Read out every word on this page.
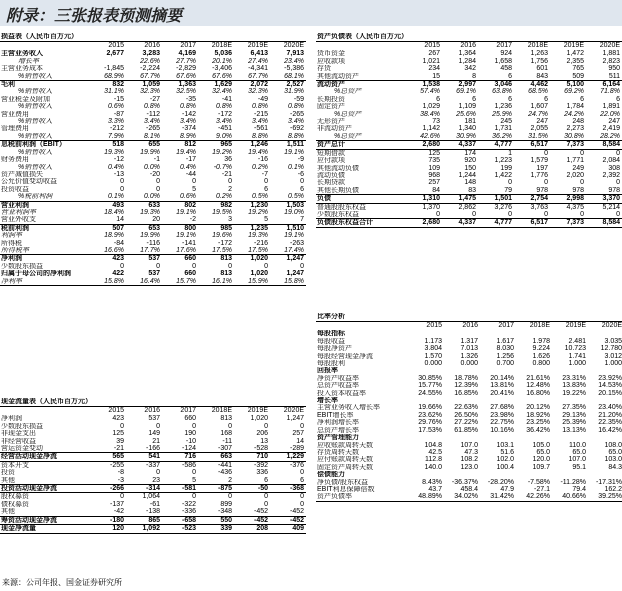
附录：三张报表预测摘要
损益表（人民币百万元）						
	2015	2016	2017	2018E	2019E	2020E
主营业务收入	2,677	3,283	4,169	5,036	6,413	7,913
增长率		22.6%	27.7%	20.1%	27.4%	23.4%
主营业务成本	-1,845	-2,224	-2,829	-3,406	-4,341	-5,386
%销售收入	68.9%	67.7%	67.6%	67.6%	67.7%	68.1%
毛利	832	1,059	1,363	1,629	2,072	2,527
%销售收入	31.1%	32.3%	32.5%	32.4%	32.3%	31.9%
营业税金及附加	-15	-27	-35	-41	-49	-59
%销售收入	0.6%	0.8%	0.8%	0.8%	0.8%	0.8%
营业费用	-87	-112	-142	-172	-215	-265
%销售收入	3.3%	3.4%	3.4%	3.4%	3.4%	3.4%
管理费用	-212	-265	-374	-451	-561	-692
%销售收入	7.9%	8.1%	8.9%	9.0%	8.8%	8.8%
息税前利润（EBIT）	518	655	812	965	1,246	1,511
%销售收入	19.3%	19.9%	19.4%	19.2%	19.4%	19.1%
财务费用	-12	-1	-17	36	-16	-9
%销售收入	0.4%	0.0%	0.4%	-0.7%	0.2%	0.1%
资产减值损失	-13	-20	-44	-21	-7	-6
公允价值变动收益	0	0	0	0	0	0
投资收益	0	0	5	2	6	6
%税前利润	0.1%	0.0%	0.6%	0.2%	0.5%	0.5%
营业利润	493	633	802	982	1,230	1,503
营业利润率	18.4%	19.3%	19.1%	19.5%	19.2%	19.0%
营业外收支	14	20	-2	3	5	7
税前利润	507	653	800	985	1,235	1,510
利润率	18.9%	19.9%	19.1%	19.6%	19.3%	19.1%
所得税	-84	-116	-141	-172	-216	-263
所得税率	16.6%	17.7%	17.6%	17.5%	17.5%	17.4%
净利润	423	537	660	813	1,020	1,247
少数股东损益	0	0	0	0	0	0
归属于母公司的净利润	422	537	660	813	1,020	1,247
净利率	15.8%	16.4%	15.7%	16.1%	15.9%	15.8%
资产负债表（人民币百万元）						
	2015	2016	2017	2018E	2019E	2020E
货币资金	267	1,364	924	1,263	1,472	1,881
应收款项	1,021	1,284	1,658	1,756	2,355	2,823
存货	234	342	458	601	765	950
其他流动资产	15	8	6	843	509	511
流动资产	1,538	2,997	3,046	4,462	5,100	6,164
%总资产	57.4%	69.1%	63.8%	68.5%	69.2%	71.8%
长期投资	6	6	6	6	6	6
固定资产	1,029	1,109	1,236	1,607	1,784	1,891
%总资产	38.4%	25.6%	25.9%	24.7%	24.2%	22.0%
无形资产	73	181	245	247	248	247
非流动资产	1,142	1,340	1,731	2,055	2,273	2,419
%总资产	42.6%	30.9%	36.2%	31.5%	30.8%	28.2%
资产总计	2,680	4,337	4,777	6,517	7,373	8,584
短期借款	125	174	1	0	0	0
应付款项	735	920	1,223	1,579	1,771	2,084
其他流动负债	109	150	199	197	249	308
流动负债	968	1,244	1,422	1,776	2,020	2,392
长期贷款	257	148	0	0	0	0
其他长期负债	84	83	79	978	978	978
负债	1,310	1,475	1,501	2,754	2,998	3,370
普通股股东权益	1,370	2,862	3,276	3,763	4,375	5,214
少数股东权益	0	0	0	0	0	0
负债股东权益合计	2,680	4,337	4,777	6,517	7,373	8,584
比率分析						
	2015	2016	2017	2018E	2019E	2020E
每股指标						
每股收益	1.173	1.317	1.617	1.978	2.481	3.035
每股净资产	3.804	7.013	8.030	9.224	10.723	12.780
每股经营现金净流	1.570	1.326	1.256	1.626	1.741	3.012
每股股利	0.000	0.000	0.700	0.800	1.000	1.000
回报率						
净资产收益率	30.85%	18.78%	20.14%	21.61%	23.31%	23.92%
总资产收益率	15.77%	12.39%	13.81%	12.48%	13.83%	14.53%
投入资本收益率	24.55%	16.85%	20.41%	16.80%	19.22%	20.15%
增长率						
主营业务收入增长率	19.66%	22.63%	27.68%	20.12%	27.35%	23.40%
EBIT增长率	23.62%	26.50%	23.98%	18.92%	29.13%	21.20%
净利润增长率	29.76%	27.22%	22.75%	23.25%	25.39%	22.35%
总资产增长率	17.53%	61.85%	10.16%	36.42%	13.13%	16.42%
资产管理能力						
应收账款周转天数	104.8	107.0	103.1	105.0	110.0	108.0
存货周转天数	42.5	47.3	51.6	65.0	65.0	65.0
应付账款周转天数	112.8	108.2	102.0	120.0	107.0	103.0
固定资产周转天数	140.0	123.0	100.4	109.7	95.1	84.3
偿债能力						
净负债/股东权益	8.43%	-36.37%	-28.20%	-7.58%	-11.28%	-17.31%
EBIT利息保障倍数	43.7	458.4	47.9	-27.1	79.4	162.2
资产负债率	48.89%	34.02%	31.42%	42.26%	40.66%	39.25%
现金流量表（人民币百万元）						
	2015	2016	2017	2018E	2019E	2020E
净利润	423	537	660	813	1,020	1,247
少数股东损益	0	0	0	0	0	0
非现金支出	125	149	190	168	206	257
非经营收益	39	21	-10	-11	13	14
营运资金变动	-21	-166	-124	-307	-528	-289
经营活动现金净流	565	541	716	663	710	1,229
资本开支	-255	-337	-586	-441	-392	-376
投资	-8	0	0	-436	336	0
其他	-3	23	5	2	6	6
投资活动现金净流	-266	-314	-581	-875	-50	-368
股权募资	0	1,064	0	0	0	0
债权募资	-137	-61	-322	899	0	0
其他	-42	-138	-336	-348	-452	-452
筹资活动现金净流	-180	865	-658	550	-452	-452
现金净流量	120	1,092	-523	339	208	409
来源：公司年报、国金证券研究所
